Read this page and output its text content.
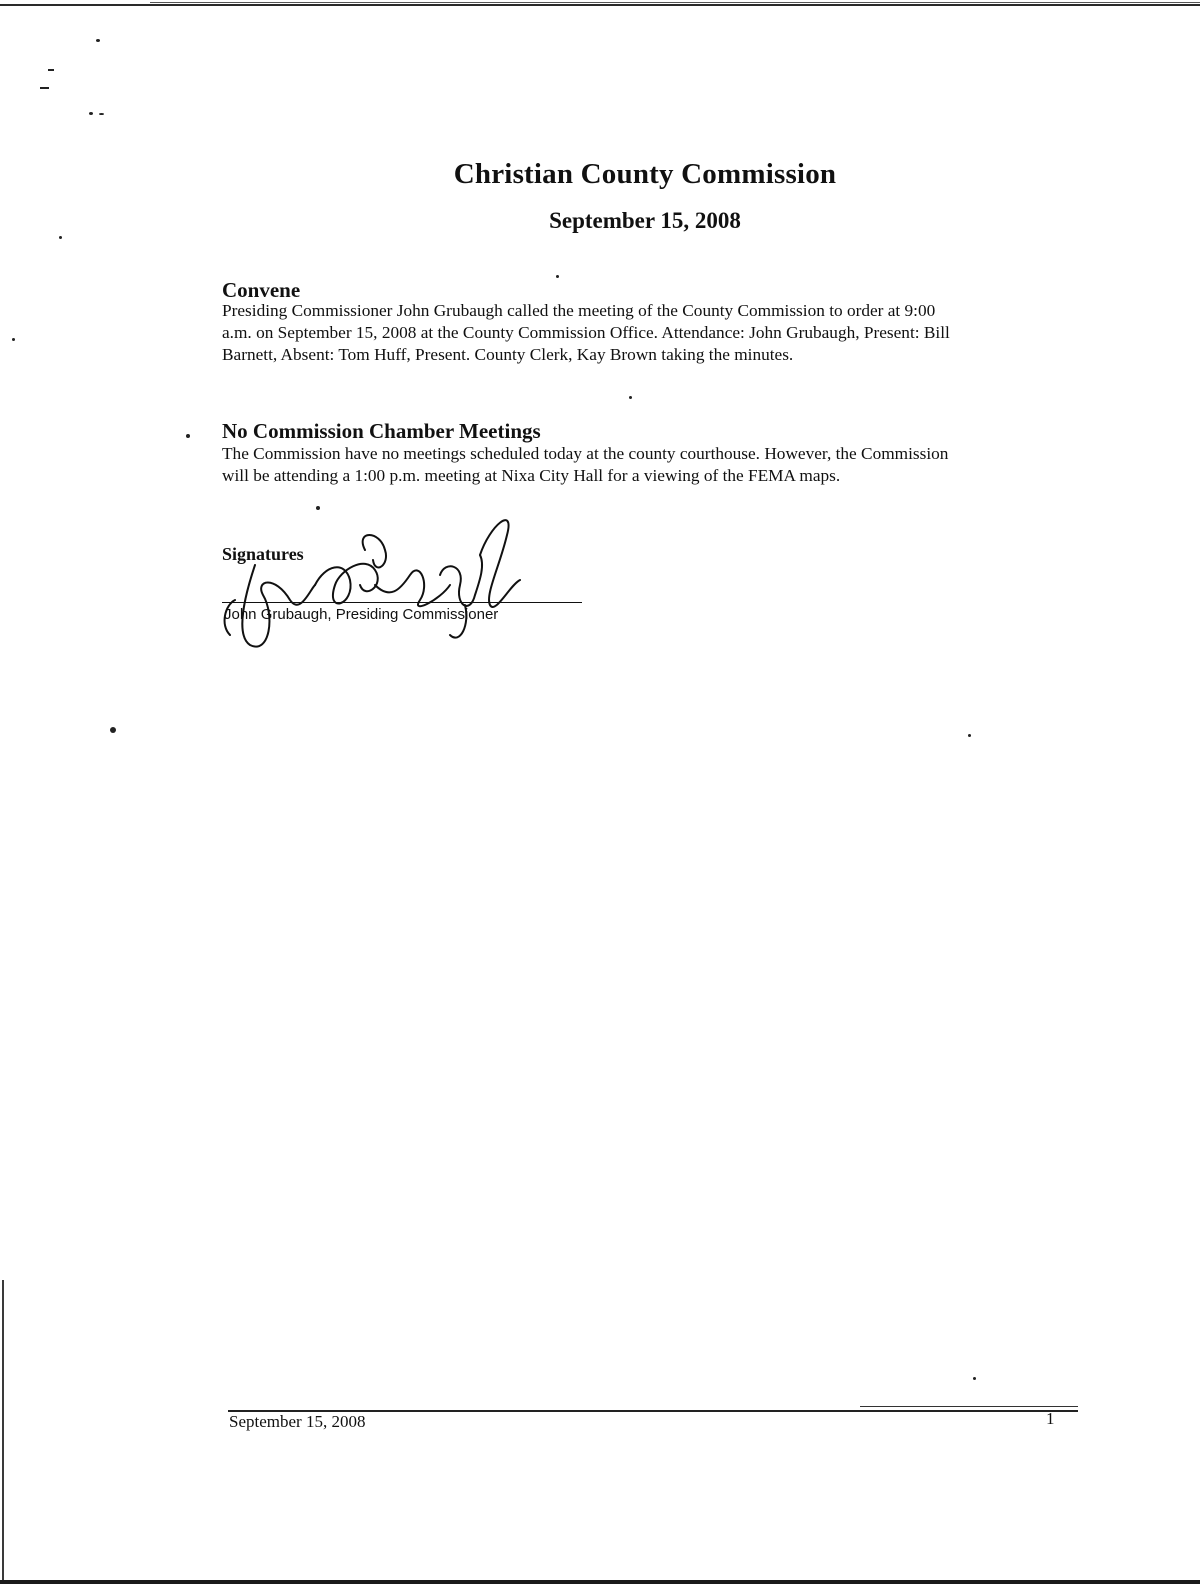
Christian County Commission
September 15, 2008
Convene
Presiding Commissioner John Grubaugh called the meeting of the County Commission to order at 9:00
a.m. on September 15, 2008 at the County Commission Office. Attendance: John Grubaugh, Present: Bill
Barnett, Absent: Tom Huff, Present. County Clerk, Kay Brown taking the minutes.
No Commission Chamber Meetings
The Commission have no meetings scheduled today at the county courthouse. However, the Commission
will be attending a 1:00 p.m. meeting at Nixa City Hall for a viewing of the FEMA maps.
Signatures
John Grubaugh, Presiding Commissioner
September 15, 2008	1
